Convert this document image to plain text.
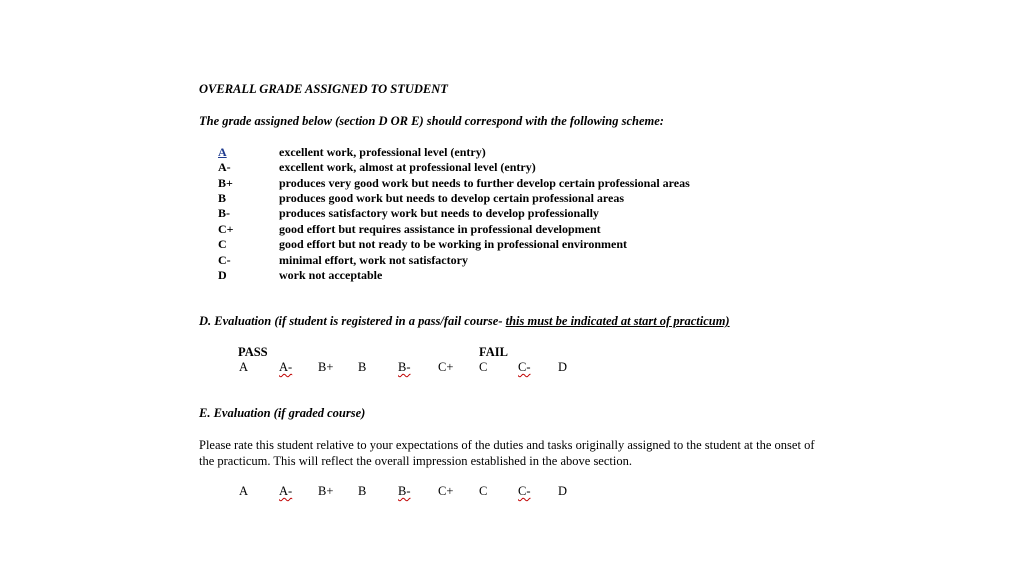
OVERALL GRADE ASSIGNED TO STUDENT
The grade assigned below (section D OR E) should correspond with the following scheme:
A	excellent work, professional level (entry)
A-	excellent work, almost at professional level (entry)
B+	produces very good work but needs to further develop certain professional areas
B	produces good work but needs to develop certain professional areas
B-	produces satisfactory work but needs to develop professionally
C+	good effort but requires assistance in professional development
C	good effort but not ready to be working in professional environment
C-	minimal effort, work not satisfactory
D	work not acceptable
D. Evaluation (if student is registered in a pass/fail course- this must be indicated at start of practicum)
PASS	FAIL
A A- B+ B	B- C+ C C- D
E. Evaluation (if graded course)
Please rate this student relative to your expectations of the duties and tasks originally assigned to the student at the onset of the practicum. This will reflect the overall impression established in the above section.
A A- B+ B	B- C+ C C- D
